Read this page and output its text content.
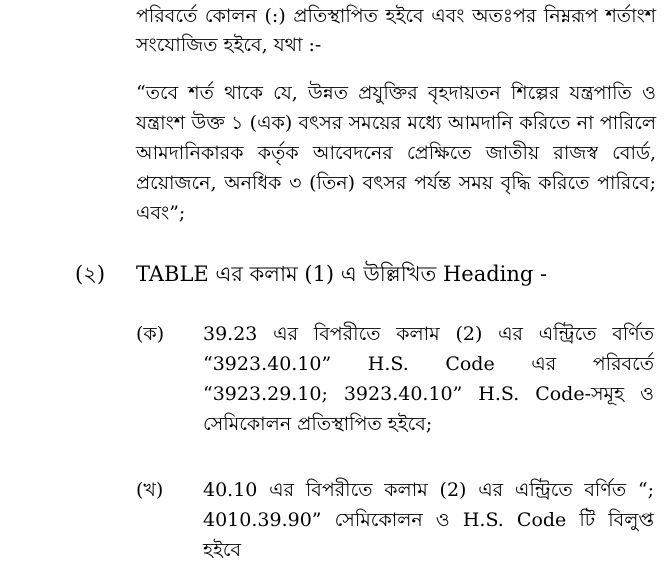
পরিবর্তে কোলন (:) প্রতিস্থাপিত হইবে এবং অতঃপর নিম্নরূপ শর্তাংশ সংযোজিত হইবে, যথা :-

“তবে শর্ত থাকে যে, উন্নত প্রযুক্তির বৃহদায়তন শিল্পের যন্ত্রপাতি ও যন্ত্রাংশ উক্ত ১ (এক) বৎসর সময়ের মধ্যে আমদানি করিতে না পারিলে আমদানিকারক কর্তৃক আবেদনের প্রেক্ষিতে জাতীয় রাজস্ব বোর্ড, প্রয়োজনে, অনধিক ৩ (তিন) বৎসর পর্যন্ত সময় বৃদ্ধি করিতে পারিবে; এবং”;

(২) TABLE এর কলাম (1) এ উল্লিখিত Heading -
(ক) 39.23 এর বিপরীতে কলাম (2) এর এন্ট্রিতে বর্ণিত “3923.40.10” H.S. Code এর পরিবর্তে “3923.29.10; 3923.40.10” H.S. Code-সমূহ ও সেমিকোলন প্রতিস্থাপিত হইবে;

(খ) 40.10 এর বিপরীতে কলাম (2) এর এন্ট্রিতে বর্ণিত “; 4010.39.90” সেমিকোলন ও H.S. Code টি বিলুপ্ত হইবে
